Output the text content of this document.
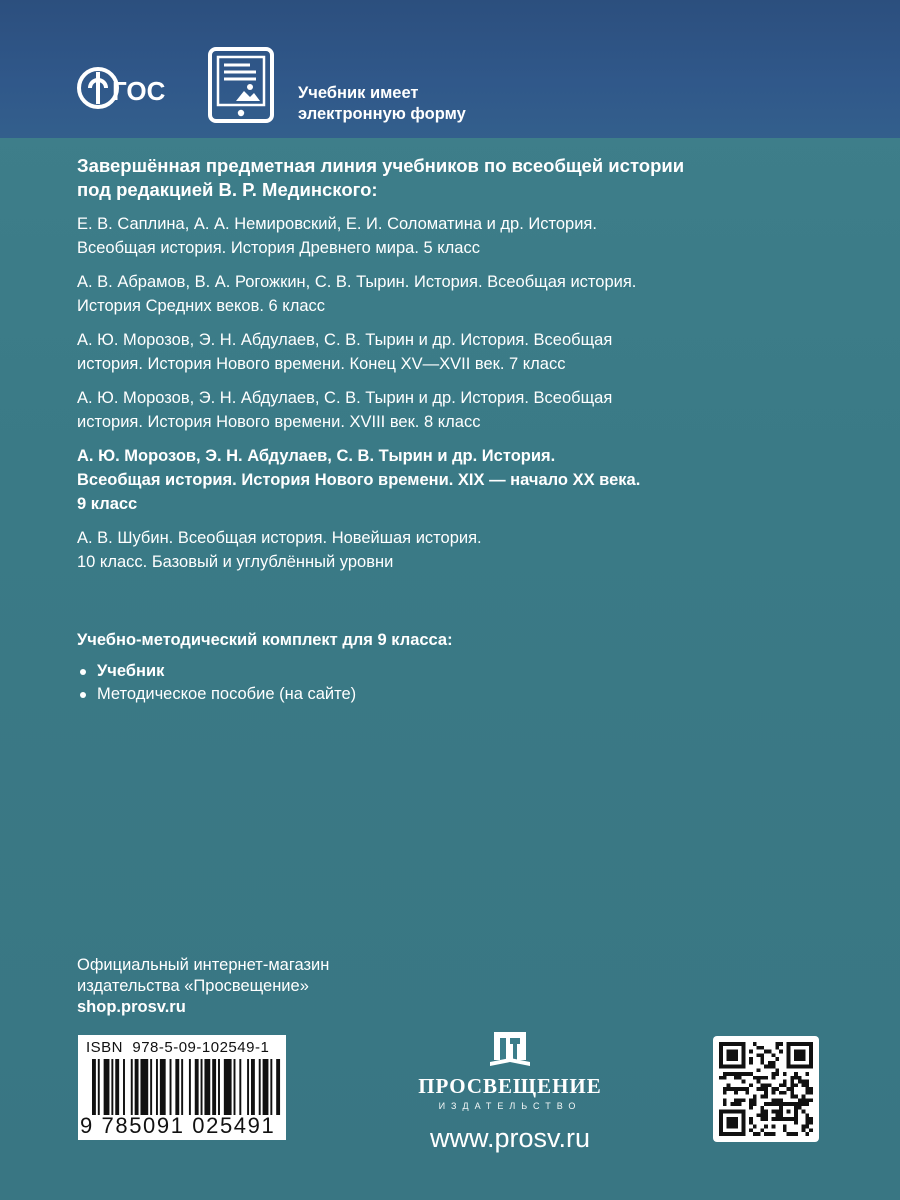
ГОС	Учебник имеет
электронную форму
Завершённая предметная линия учебников по всеобщей истории
под редакцией В. Р. Мединского:
Е. В. Саплина, А. А. Немировский, Е. И. Соломатина и др. История.
Всеобщая история. История Древнего мира. 5 класс
А. В. Абрамов, В. А. Рогожкин, С. В. Тырин. История. Всеобщая история.
История Средних веков. 6 класс
А. Ю. Морозов, Э. Н. Абдулаев, С. В. Тырин и др. История. Всеобщая
история. История Нового времени. Конец XV—XVII век. 7 класс
А. Ю. Морозов, Э. Н. Абдулаев, С. В. Тырин и др. История. Всеобщая
история. История Нового времени. XVIII век. 8 класс
А. Ю. Морозов, Э. Н. Абдулаев, С. В. Тырин и др. История.
Всеобщая история. История Нового времени. XIX — начало XX века.
9 класс
А. В. Шубин. Всеобщая история. Новейшая история.
10 класс. Базовый и углублённый уровни
Учебно-методический комплект для 9 класса:
Учебник
Методическое пособие (на сайте)
Официальный интернет-магазин
издательства «Просвещение»
shop.prosv.ru
ISBN 978-5-09-102549-1
9 785091 025491
ПРОСВЕЩЕНИЕ
ИЗДАТЕЛЬСТВО
www.prosv.ru
